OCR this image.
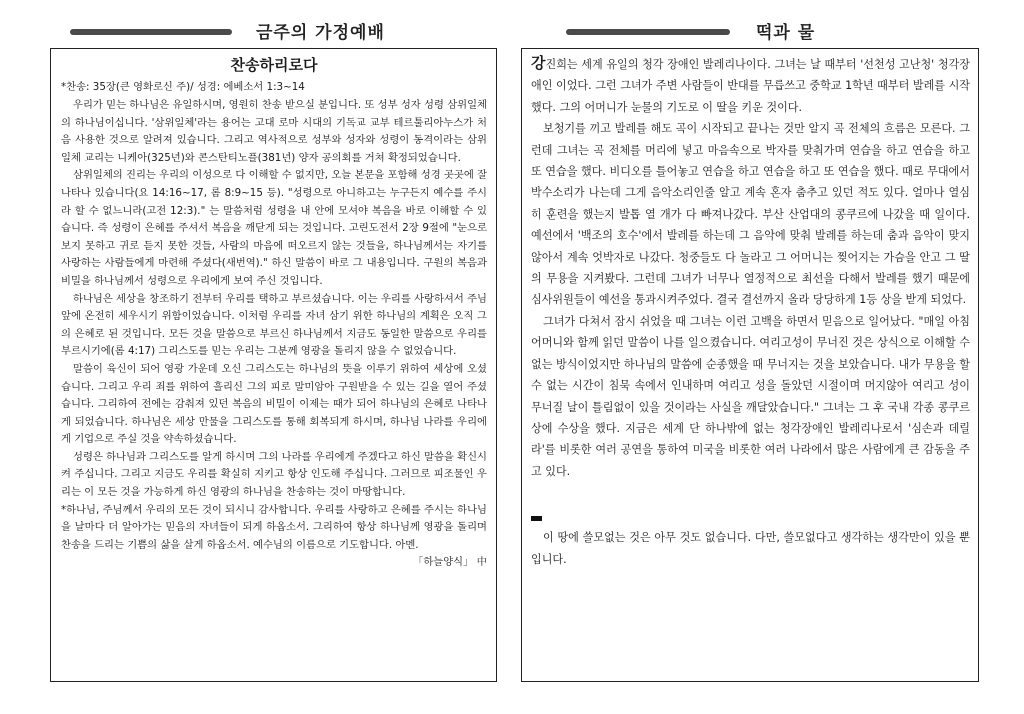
금주의 가정예배	떡과 물
찬송하리로다

*찬송: 35장(큰 영화로신 주)/ 성경: 에베소서 1:3~14

우리가 믿는 하나님은 유일하시며, 영원히 찬송 받으실 분입니다. 또 성부 성자 성령 삼위일체의 하나님이십니다. '삼위일체'라는 용어는 고대 로마 시대의 기독교 교부 테르툴리아누스가 처음 사용한 것으로 알려져 있습니다. 그리고 역사적으로 성부와 성자와 성령이 동격이라는 삼위일체 교리는 니케아(325년)와 콘스탄티노플(381년) 양자 공의회를 거쳐 확정되었습니다.

삼위일체의 진리는 우리의 이성으로 다 이해할 수 없지만, 오늘 본문을 포함해 성경 곳곳에 잘 나타나 있습니다(요 14:16~17, 롬 8:9~15 등). "성령으로 아니하고는 누구든지 예수를 주시라 할 수 없느니라(고전 12:3)." 는 말씀처럼 성령을 내 안에 모셔야 복음을 바로 이해할 수 있습니다. 즉 성령이 은혜를 주셔서 복음을 깨닫게 되는 것입니다. 고린도전서 2장 9절에 "눈으로 보지 못하고 귀로 듣지 못한 것들, 사람의 마음에 떠오르지 않는 것들을, 하나님께서는 자기를 사랑하는 사람들에게 마련해 주셨다(새번역)." 하신 말씀이 바로 그 내용입니다. 구원의 복음과 비밀을 하나님께서 성령으로 우리에게 보여 주신 것입니다.

하나님은 세상을 창조하기 전부터 우리를 택하고 부르셨습니다. 이는 우리를 사랑하셔서 주님 앞에 온전히 세우시기 위함이었습니다. 이처럼 우리를 자녀 삼기 위한 하나님의 계획은 오직 그의 은혜로 된 것입니다. 모든 것을 말씀으로 부르신 하나님께서 지금도 동일한 말씀으로 우리를 부르시기에(롬 4:17) 그리스도를 믿는 우리는 그분께 영광을 돌리지 않을 수 없었습니다.

말씀이 육신이 되어 영광 가운데 오신 그리스도는 하나님의 뜻을 이루기 위하여 세상에 오셨습니다. 그리고 우리 죄를 위하여 흘리신 그의 피로 말미암아 구원받을 수 있는 길을 열어 주셨습니다. 그리하여 전에는 감춰져 있던 복음의 비밀이 이제는 때가 되어 하나님의 은혜로 나타나게 되었습니다. 하나님은 세상 만물을 그리스도를 통해 회복되게 하시며, 하나님 나라를 우리에게 기업으로 주실 것을 약속하셨습니다.

성령은 하나님과 그리스도를 알게 하시며 그의 나라를 우리에게 주겠다고 하신 말씀을 확신시켜 주십니다. 그리고 지금도 우리를 확실히 지키고 항상 인도해 주십니다. 그러므로 피조물인 우리는 이 모든 것을 가능하게 하신 영광의 하나님을 찬송하는 것이 마땅합니다.

*하나님, 주님께서 우리의 모든 것이 되시니 감사합니다. 우리를 사랑하고 은혜를 주시는 하나님을 날마다 더 알아가는 믿음의 자녀들이 되게 하옵소서. 그리하여 항상 하나님께 영광을 돌리며 찬송을 드리는 기쁨의 삶을 살게 하옵소서. 예수님의 이름으로 기도합니다. 아멘.
「하늘양식」 中

강진희는 세계 유일의 청각 장애인 발레리나이다. 그녀는 날 때부터 '선천성 고난청' 청각장애인 이었다. 그런 그녀가 주변 사람들이 반대를 무릅쓰고 중학교 1학년 때부터 발레를 시작했다. 그의 어머니가 눈물의 기도로 이 딸을 키운 것이다.

보청기를 끼고 발레를 해도 곡이 시작되고 끝나는 것만 알지 곡 전체의 흐름은 모른다. 그런데 그녀는 곡 전체를 머리에 넣고 마음속으로 박자를 맞춰가며 연습을 하고 연습을 하고 또 연습을 했다. 비디오를 틀어놓고 연습을 하고 연습을 하고 또 연습을 했다. 때로 무대에서 박수소리가 나는데 그게 음악소리인줄 알고 계속 혼자 춤추고 있던 적도 있다. 얼마나 열심히 훈련을 했는지 발톱 열 개가 다 빠져나갔다. 부산 산업대의 콩쿠르에 나갔을 때 일이다. 예선에서 '백조의 호수'에서 발레를 하는데 그 음악에 맞춰 발레를 하는데 춤과 음악이 맞지 않아서 계속 엇박자로 나갔다. 청중들도 다 놀라고 그 어머니는 찢어지는 가슴을 안고 그 딸의 무용을 지켜봤다. 그런데 그녀가 너무나 열정적으로 최선을 다해서 발레를 했기 때문에 심사위원들이 예선을 통과시켜주었다. 결국 결선까지 올라 당당하게 1등 상을 받게 되었다.

그녀가 다쳐서 잠시 쉬었을 때 그녀는 이런 고백을 하면서 믿음으로 일어났다. "매일 아침 어머니와 함께 읽던 말씀이 나를 일으켰습니다. 여리고성이 무너진 것은 상식으로 이해할 수 없는 방식이었지만 하나님의 말씀에 순종했을 때 무너지는 것을 보았습니다. 내가 무용을 할 수 없는 시간이 침묵 속에서 인내하며 여리고 성을 돌았던 시절이며 머지않아 여리고 성이 무너질 날이 틀림없이 있을 것이라는 사실을 깨달았습니다." 그녀는 그 후 국내 각종 콩쿠르 상에 수상을 했다. 지금은 세계 단 하나밖에 없는 청각장애인 발레리나로서 '심손과 데릴라'를 비롯한 여러 공연을 통하여 미국을 비롯한 여러 나라에서 많은 사람에게 큰 감동을 주고 있다.

이 땅에 쓸모없는 것은 아무 것도 없습니다. 다만, 쓸모없다고 생각하는 생각만이 있을 뿐입니다.
